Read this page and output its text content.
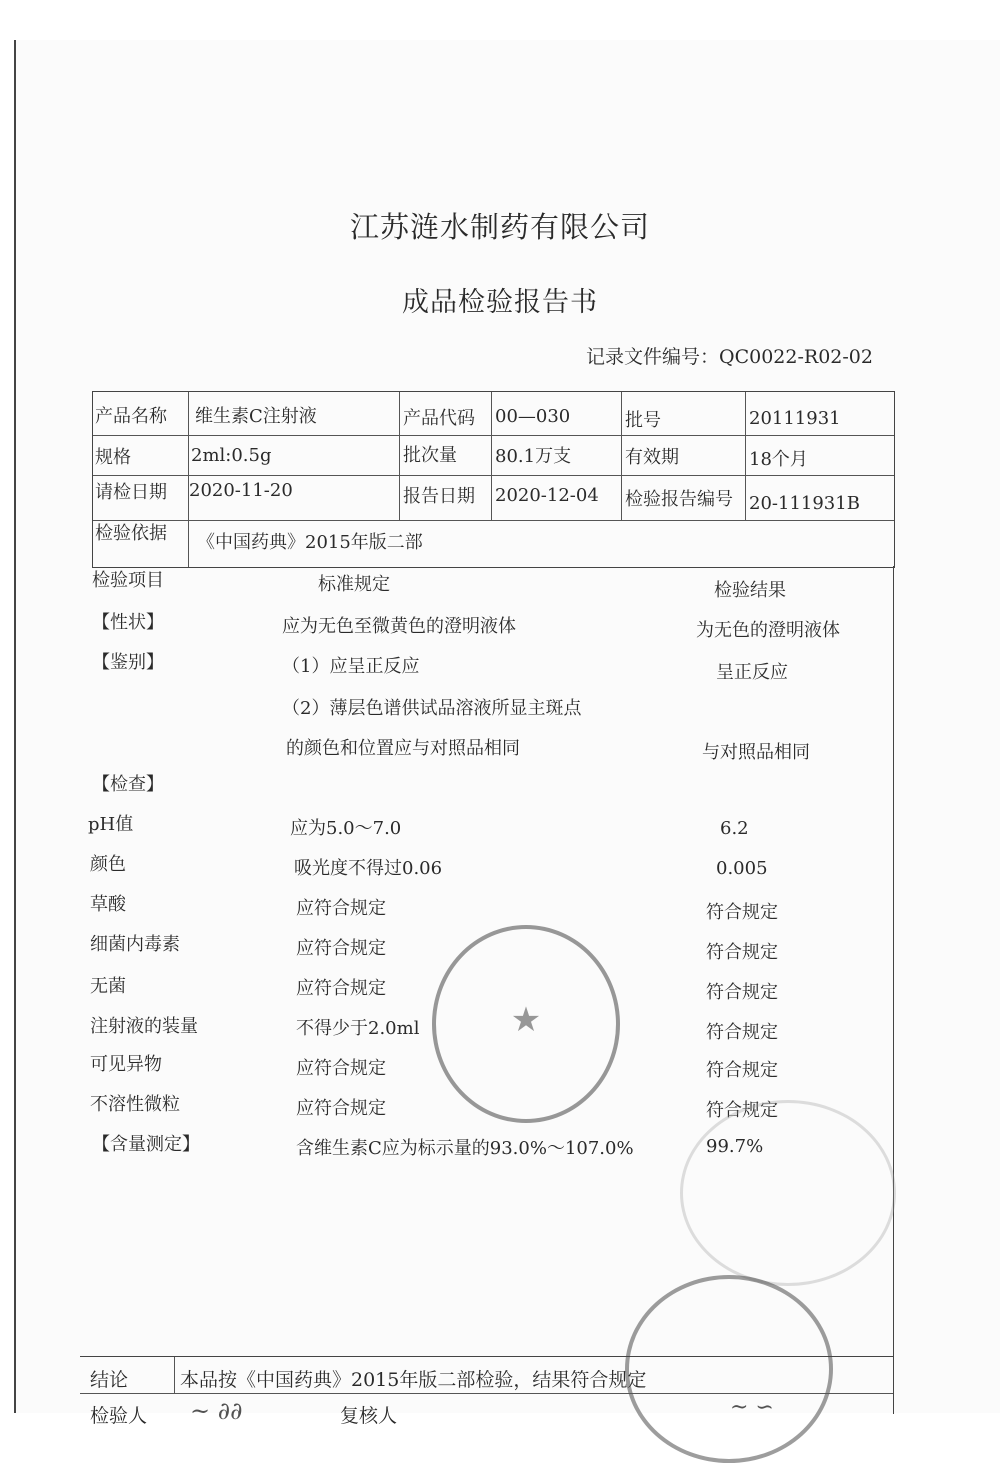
江苏涟水制药有限公司
成品检验报告书
记录文件编号：QC0022-R02-02
产品名称 维生素C注射液	产品代码 00—030	批号	20111931
规格	2ml:0.5g	批次量 80.1万支	有效期	18个月
请检日期 2020-11-20	报告日期 2020-12-04 检验报告编号 20-111931B
检验依据 《中国药典》2015年版二部
检验项目	标准规定	检验结果
【性状】	应为无色至微黄色的澄明液体	为无色的澄明液体
【鉴别】	（1）应呈正反应	呈正反应
（2）薄层色谱供试品溶液所显主斑点
的颜色和位置应与对照品相同	与对照品相同
【检查】
pH值	应为5.0～7.0	6.2
颜色	吸光度不得过0.06	0.005
草酸	应符合规定	符合规定
细菌内毒素	应符合规定	符合规定
无菌	应符合规定	符合规定
注射液的装量	不得少于2.0ml	符合规定
可见异物	应符合规定	符合规定
不溶性微粒	应符合规定	符合规定
【含量测定】	含维生素C应为标示量的93.0%～107.0%	99.7%
★
结论	本品按《中国药典》2015年版二部检验，结果符合规定
检验人 ~ ∂∂	复核人	~ ∽
